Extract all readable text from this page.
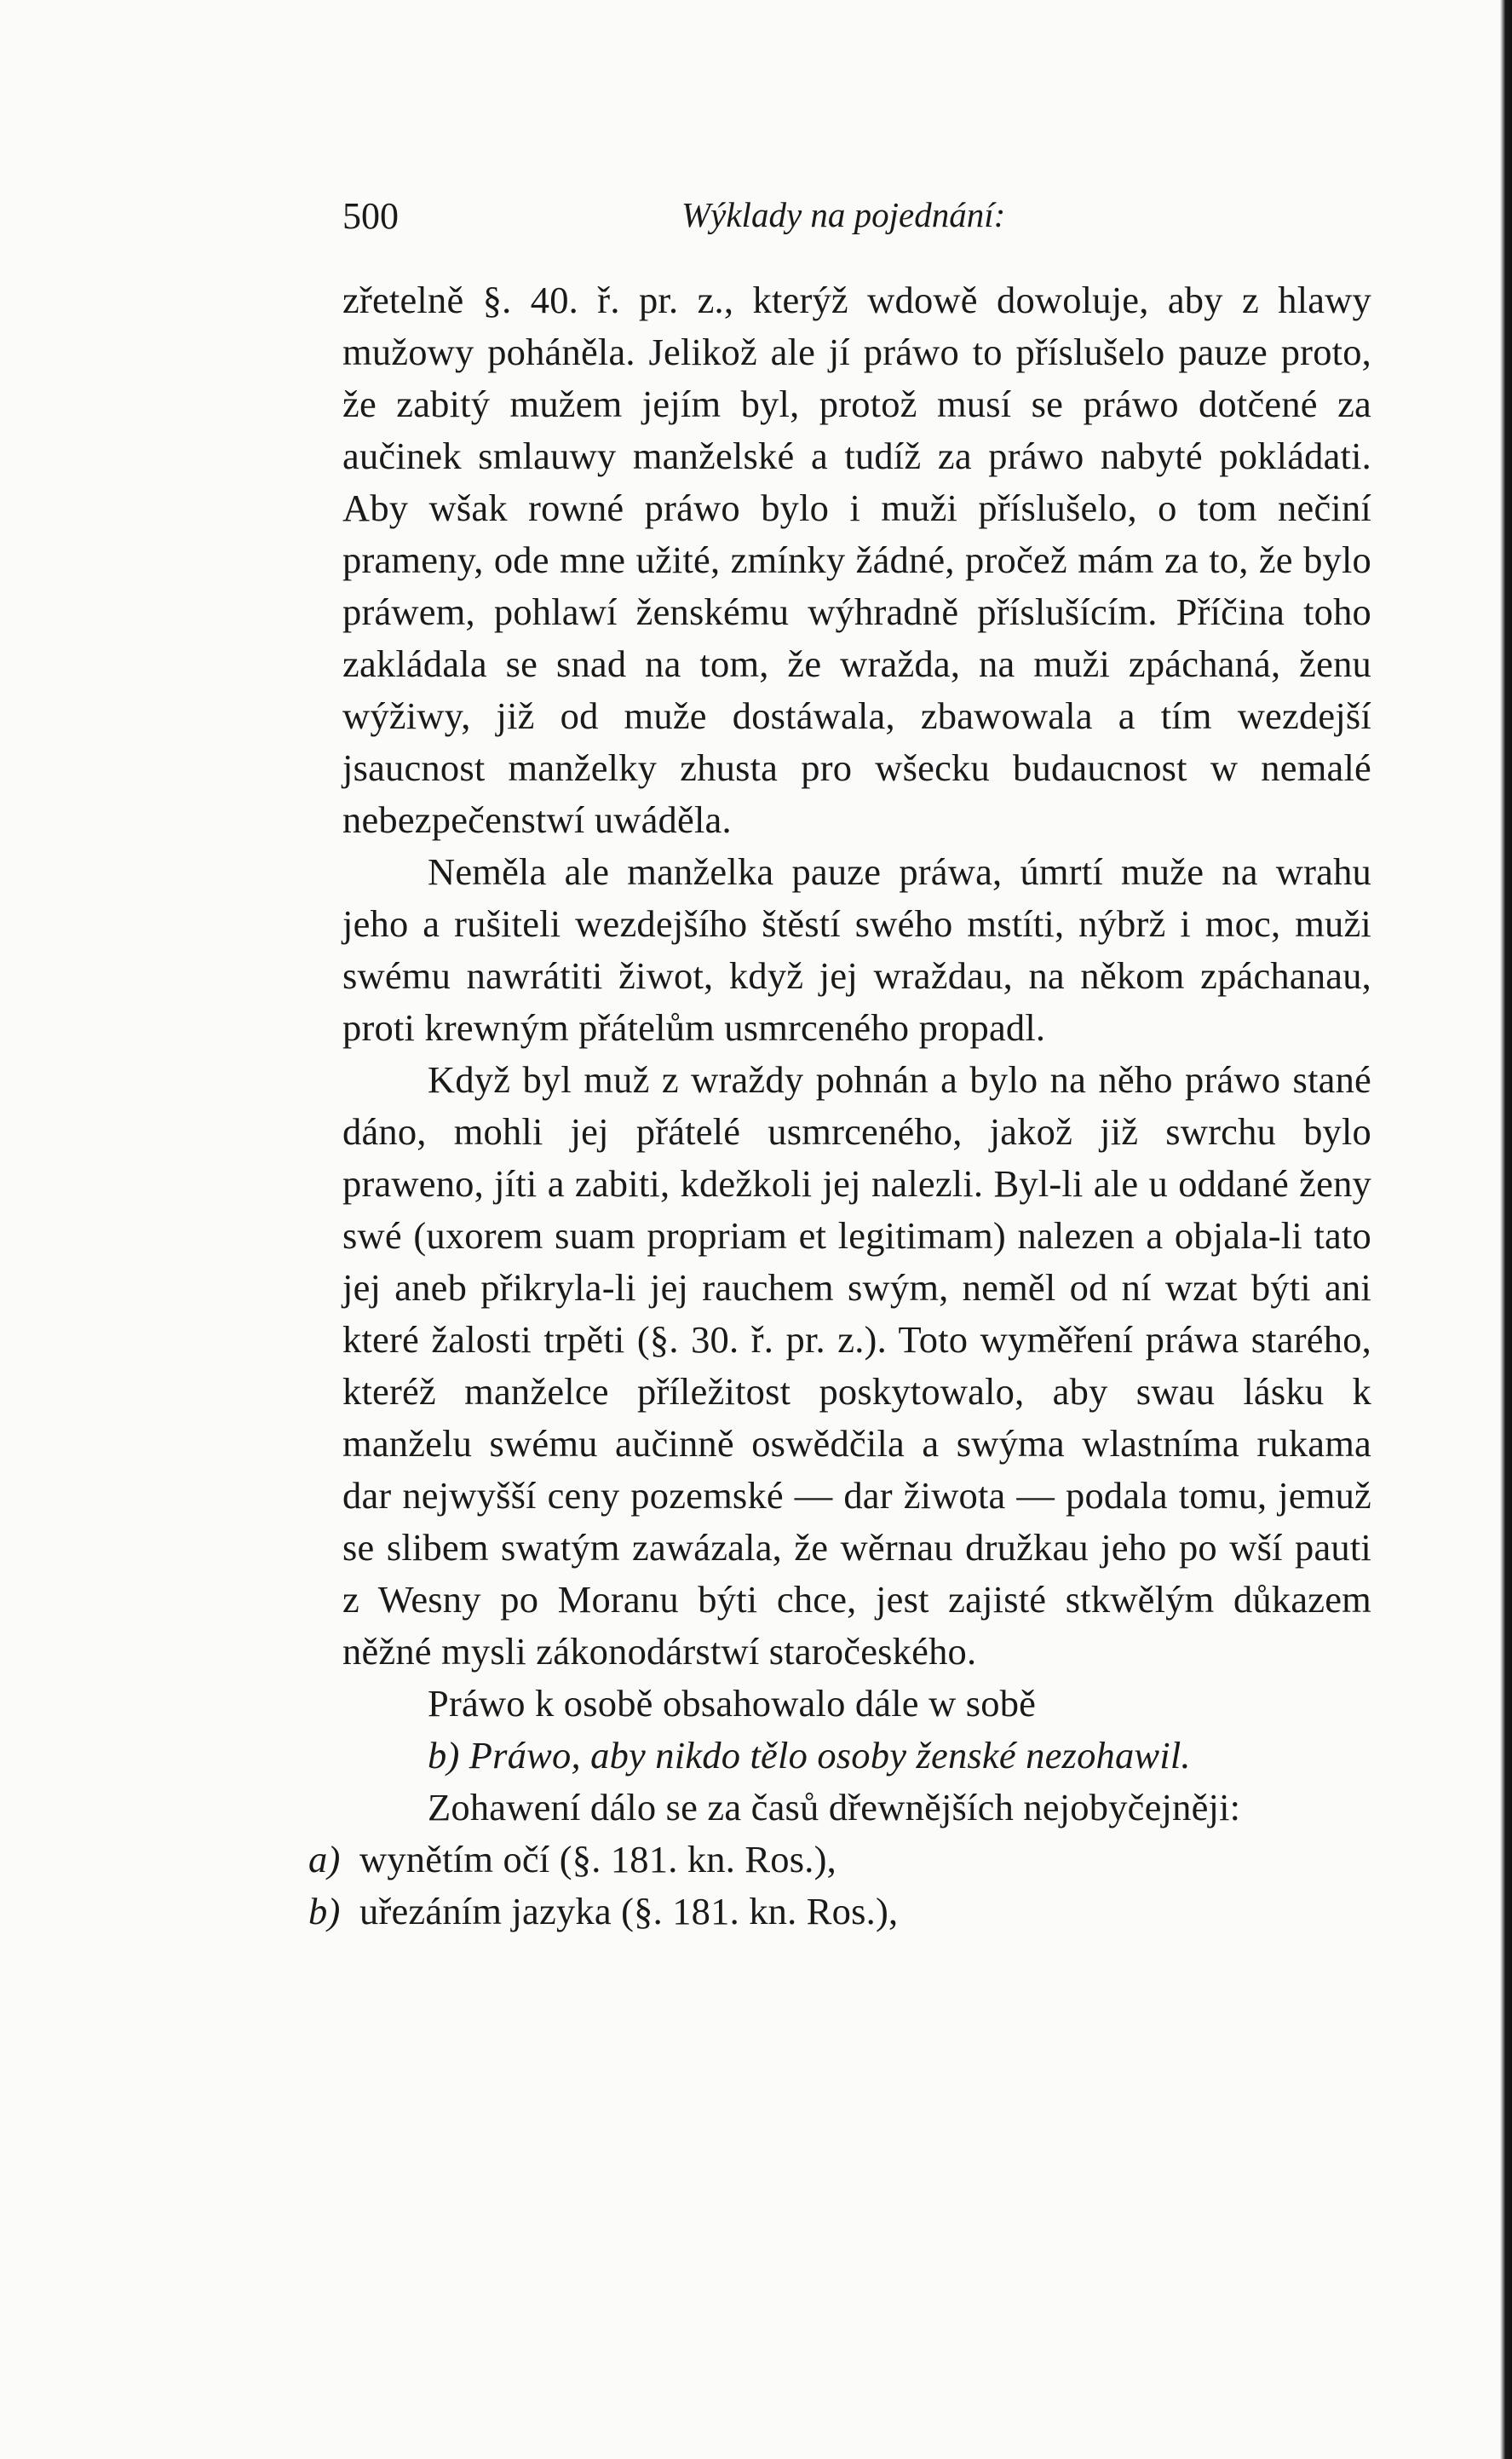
500	Wýklady na pojednání:

zřetelně §. 40. ř. pr. z., kterýž wdowě dowoluje, aby z hlawy mužowy poháněla. Jelikož ale jí práwo to příslušelo pauze proto, že zabitý mužem jejím byl, protož musí se práwo dotčené za aučinek smlauwy manželské a tudíž za práwo nabyté pokládati. Aby wšak rowné práwo bylo i muži příslušelo, o tom nečiní prameny, ode mne užité, zmínky žádné, pročež mám za to, že bylo práwem, pohlawí ženskému wýhradně příslušícím. Příčina toho zakládala se snad na tom, že wražda, na muži zpáchaná, ženu wýžiwy, již od muže dostáwala, zbawowala a tím wezdejší jsaucnost manželky zhusta pro wšecku budaucnost w nemalé nebezpečenstwí uwáděla.

Neměla ale manželka pauze práwa, úmrtí muže na wrahu jeho a rušiteli wezdejšího štěstí swého mstíti, nýbrž i moc, muži swému nawrátiti žiwot, když jej wraždau, na někom zpáchanau, proti krewným přátelům usmrceného propadl.

Když byl muž z wraždy pohnán a bylo na něho práwo stané dáno, mohli jej přátelé usmrceného, jakož již swrchu bylo praweno, jíti a zabiti, kdežkoli jej nalezli. Byl-li ale u oddané ženy swé (uxorem suam propriam et legitimam) nalezen a objala-li tato jej aneb přikryla-li jej rauchem swým, neměl od ní wzat býti ani které žalosti trpěti (§. 30. ř. pr. z.). Toto wyměření práwa starého, kteréž manželce příležitost poskytowalo, aby swau lásku k manželu swému aučinně oswědčila a swýma wlastníma rukama dar nejwyšší ceny pozemské — dar žiwota — podala tomu, jemuž se slibem swatým zawázala, že wěrnau družkau jeho po wší pauti z Wesny po Moranu býti chce, jest zajisté stkwělým důkazem něžné mysli zákonodárstwí staročeského.

Práwo k osobě obsahowalo dále w sobě

b) Práwo, aby nikdo tělo osoby ženské nezohawil.

Zohawení dálo se za časů dřewnějších nejobyčejněji:

a) wynětím očí (§. 181. kn. Ros.),
b) uřezáním jazyka (§. 181. kn. Ros.),
